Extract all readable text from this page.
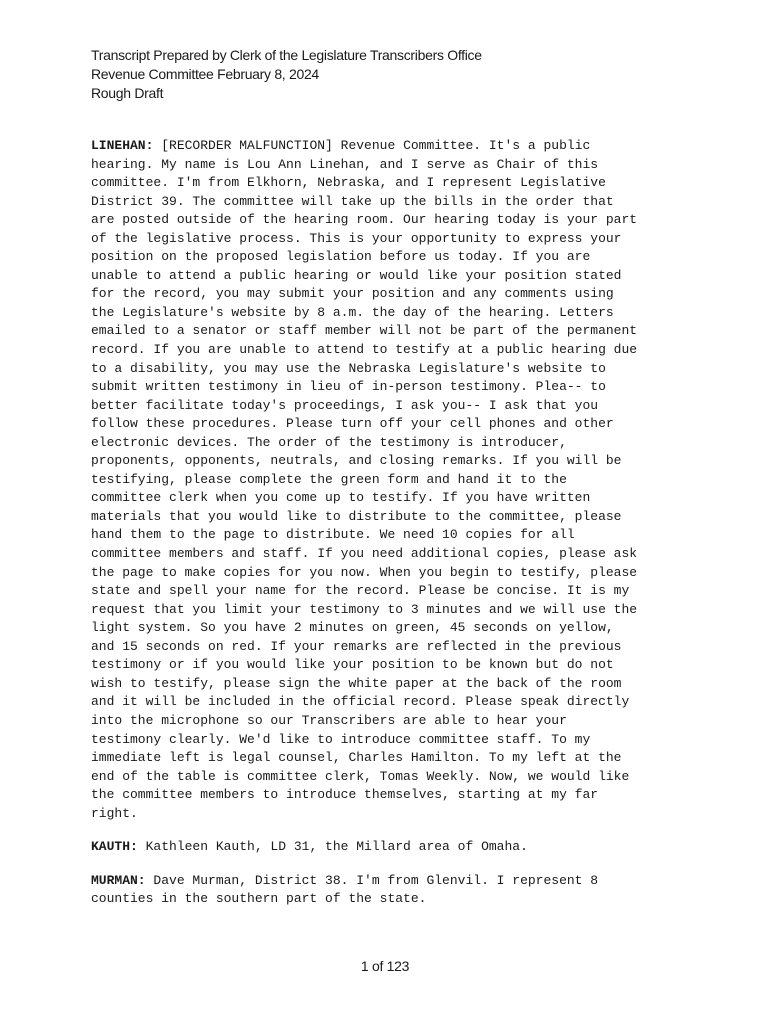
Transcript Prepared by Clerk of the Legislature Transcribers Office
Revenue Committee February 8, 2024
Rough Draft

LINEHAN: [RECORDER MALFUNCTION] Revenue Committee. It's a public
hearing. My name is Lou Ann Linehan, and I serve as Chair of this
committee. I'm from Elkhorn, Nebraska, and I represent Legislative
District 39. The committee will take up the bills in the order that
are posted outside of the hearing room. Our hearing today is your part
of the legislative process. This is your opportunity to express your
position on the proposed legislation before us today. If you are
unable to attend a public hearing or would like your position stated
for the record, you may submit your position and any comments using
the Legislature's website by 8 a.m. the day of the hearing. Letters
emailed to a senator or staff member will not be part of the permanent
record. If you are unable to attend to testify at a public hearing due
to a disability, you may use the Nebraska Legislature's website to
submit written testimony in lieu of in-person testimony. Plea-- to
better facilitate today's proceedings, I ask you-- I ask that you
follow these procedures. Please turn off your cell phones and other
electronic devices. The order of the testimony is introducer,
proponents, opponents, neutrals, and closing remarks. If you will be
testifying, please complete the green form and hand it to the
committee clerk when you come up to testify. If you have written
materials that you would like to distribute to the committee, please
hand them to the page to distribute. We need 10 copies for all
committee members and staff. If you need additional copies, please ask
the page to make copies for you now. When you begin to testify, please
state and spell your name for the record. Please be concise. It is my
request that you limit your testimony to 3 minutes and we will use the
light system. So you have 2 minutes on green, 45 seconds on yellow,
and 15 seconds on red. If your remarks are reflected in the previous
testimony or if you would like your position to be known but do not
wish to testify, please sign the white paper at the back of the room
and it will be included in the official record. Please speak directly
into the microphone so our Transcribers are able to hear your
testimony clearly. We'd like to introduce committee staff. To my
immediate left is legal counsel, Charles Hamilton. To my left at the
end of the table is committee clerk, Tomas Weekly. Now, we would like
the committee members to introduce themselves, starting at my far
right.

KAUTH: Kathleen Kauth, LD 31, the Millard area of Omaha.

MURMAN: Dave Murman, District 38. I'm from Glenvil. I represent 8
counties in the southern part of the state.

1 of 123
